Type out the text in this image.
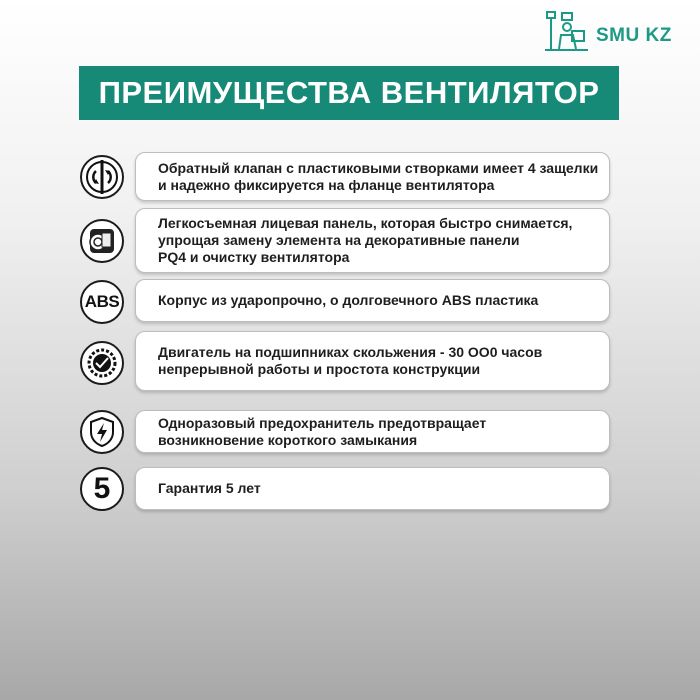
SMU KZ
ПРЕИМУЩЕСТВА ВЕНТИЛЯТОР
Обратный клапан с пластиковыми створками имеет 4 защелки
и надежно фиксируется на фланце вентилятора
Легкосъемная лицевая панель, которая быстро снимается,
упрощая замену элемента на декоративные панели
PQ4 и очистку вентилятора
ABS	Корпус из ударопрочно, о долговечного ABS пластика
Двигатель на подшипниках скольжения - 30 ОО0 часов
непрерывной работы и простота конструкции
Одноразовый предохранитель предотвращает
возникновение короткого замыкания
5	Гарантия 5 лет
